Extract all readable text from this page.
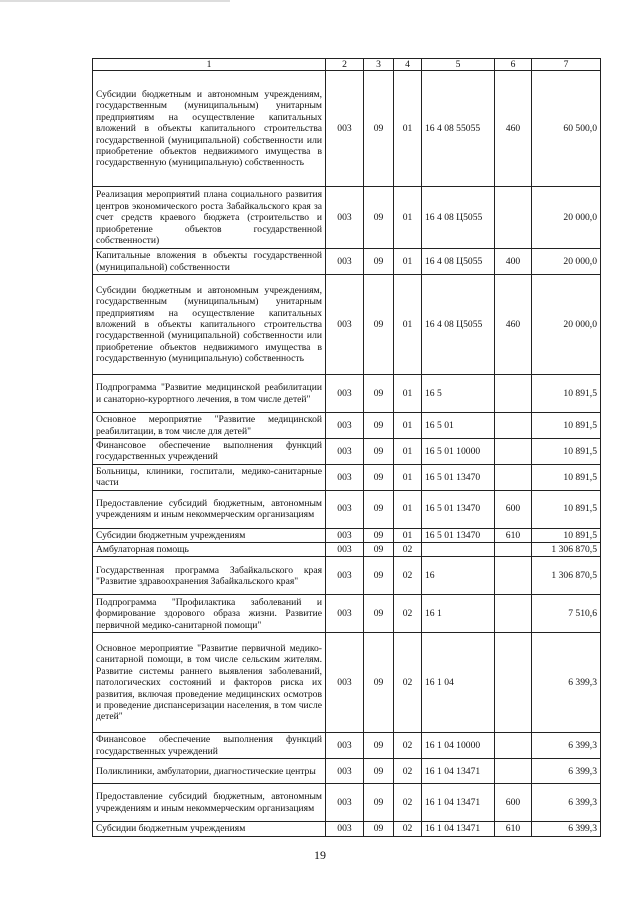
1	2	3	4	5	6	7
Субсидии бюджетным и автономным учреждениям, государственным (муниципальным) унитарным предприятиям на осуществление капитальных вложений в объекты капитального строительства государственной (муниципальной) собственности или приобретение объектов недвижимого имущества в государственную (муниципальную) собственность	003	09	01	16 4 08 55055	460	60 500,0
Реализация мероприятий плана социального развития центров экономического роста Забайкальского края за счет средств краевого бюджета (строительство и приобретение объектов государственной собственности)	003	09	01	16 4 08 Ц5055		20 000,0
Капитальные вложения в объекты государственной (муниципальной) собственности	003	09	01	16 4 08 Ц5055	400	20 000,0
Субсидии бюджетным и автономным учреждениям, государственным (муниципальным) унитарным предприятиям на осуществление капитальных вложений в объекты капитального строительства государственной (муниципальной) собственности или приобретение объектов недвижимого имущества в государственную (муниципальную) собственность	003	09	01	16 4 08 Ц5055	460	20 000,0
Подпрограмма "Развитие медицинской реабилитации и санаторно-курортного лечения, в том числе детей"	003	09	01	16 5		10 891,5
Основное мероприятие "Развитие медицинской реабилитации, в том числе для детей"	003	09	01	16 5 01		10 891,5
Финансовое обеспечение выполнения функций государственных учреждений	003	09	01	16 5 01 10000		10 891,5
Больницы, клиники, госпитали, медико-санитарные части	003	09	01	16 5 01 13470		10 891,5
Предоставление субсидий бюджетным, автономным учреждениям и иным некоммерческим организациям	003	09	01	16 5 01 13470	600	10 891,5
Субсидии бюджетным учреждениям	003	09	01	16 5 01 13470	610	10 891,5
Амбулаторная помощь	003	09	02			1 306 870,5
Государственная программа Забайкальского края "Развитие здравоохранения Забайкальского края"	003	09	02	16		1 306 870,5
Подпрограмма "Профилактика заболеваний и формирование здорового образа жизни. Развитие первичной медико-санитарной помощи"	003	09	02	16 1		7 510,6
Основное мероприятие "Развитие первичной медико-санитарной помощи, в том числе сельским жителям. Развитие системы раннего выявления заболеваний, патологических состояний и факторов риска их развития, включая проведение медицинских осмотров и проведение диспансеризации населения, в том числе детей"	003	09	02	16 1 04		6 399,3
Финансовое обеспечение выполнения функций государственных учреждений	003	09	02	16 1 04 10000		6 399,3
Поликлиники, амбулатории, диагностические центры	003	09	02	16 1 04 13471		6 399,3
Предоставление субсидий бюджетным, автономным учреждениям и иным некоммерческим организациям	003	09	02	16 1 04 13471	600	6 399,3
Субсидии бюджетным учреждениям	003	09	02	16 1 04 13471	610	6 399,3
19
